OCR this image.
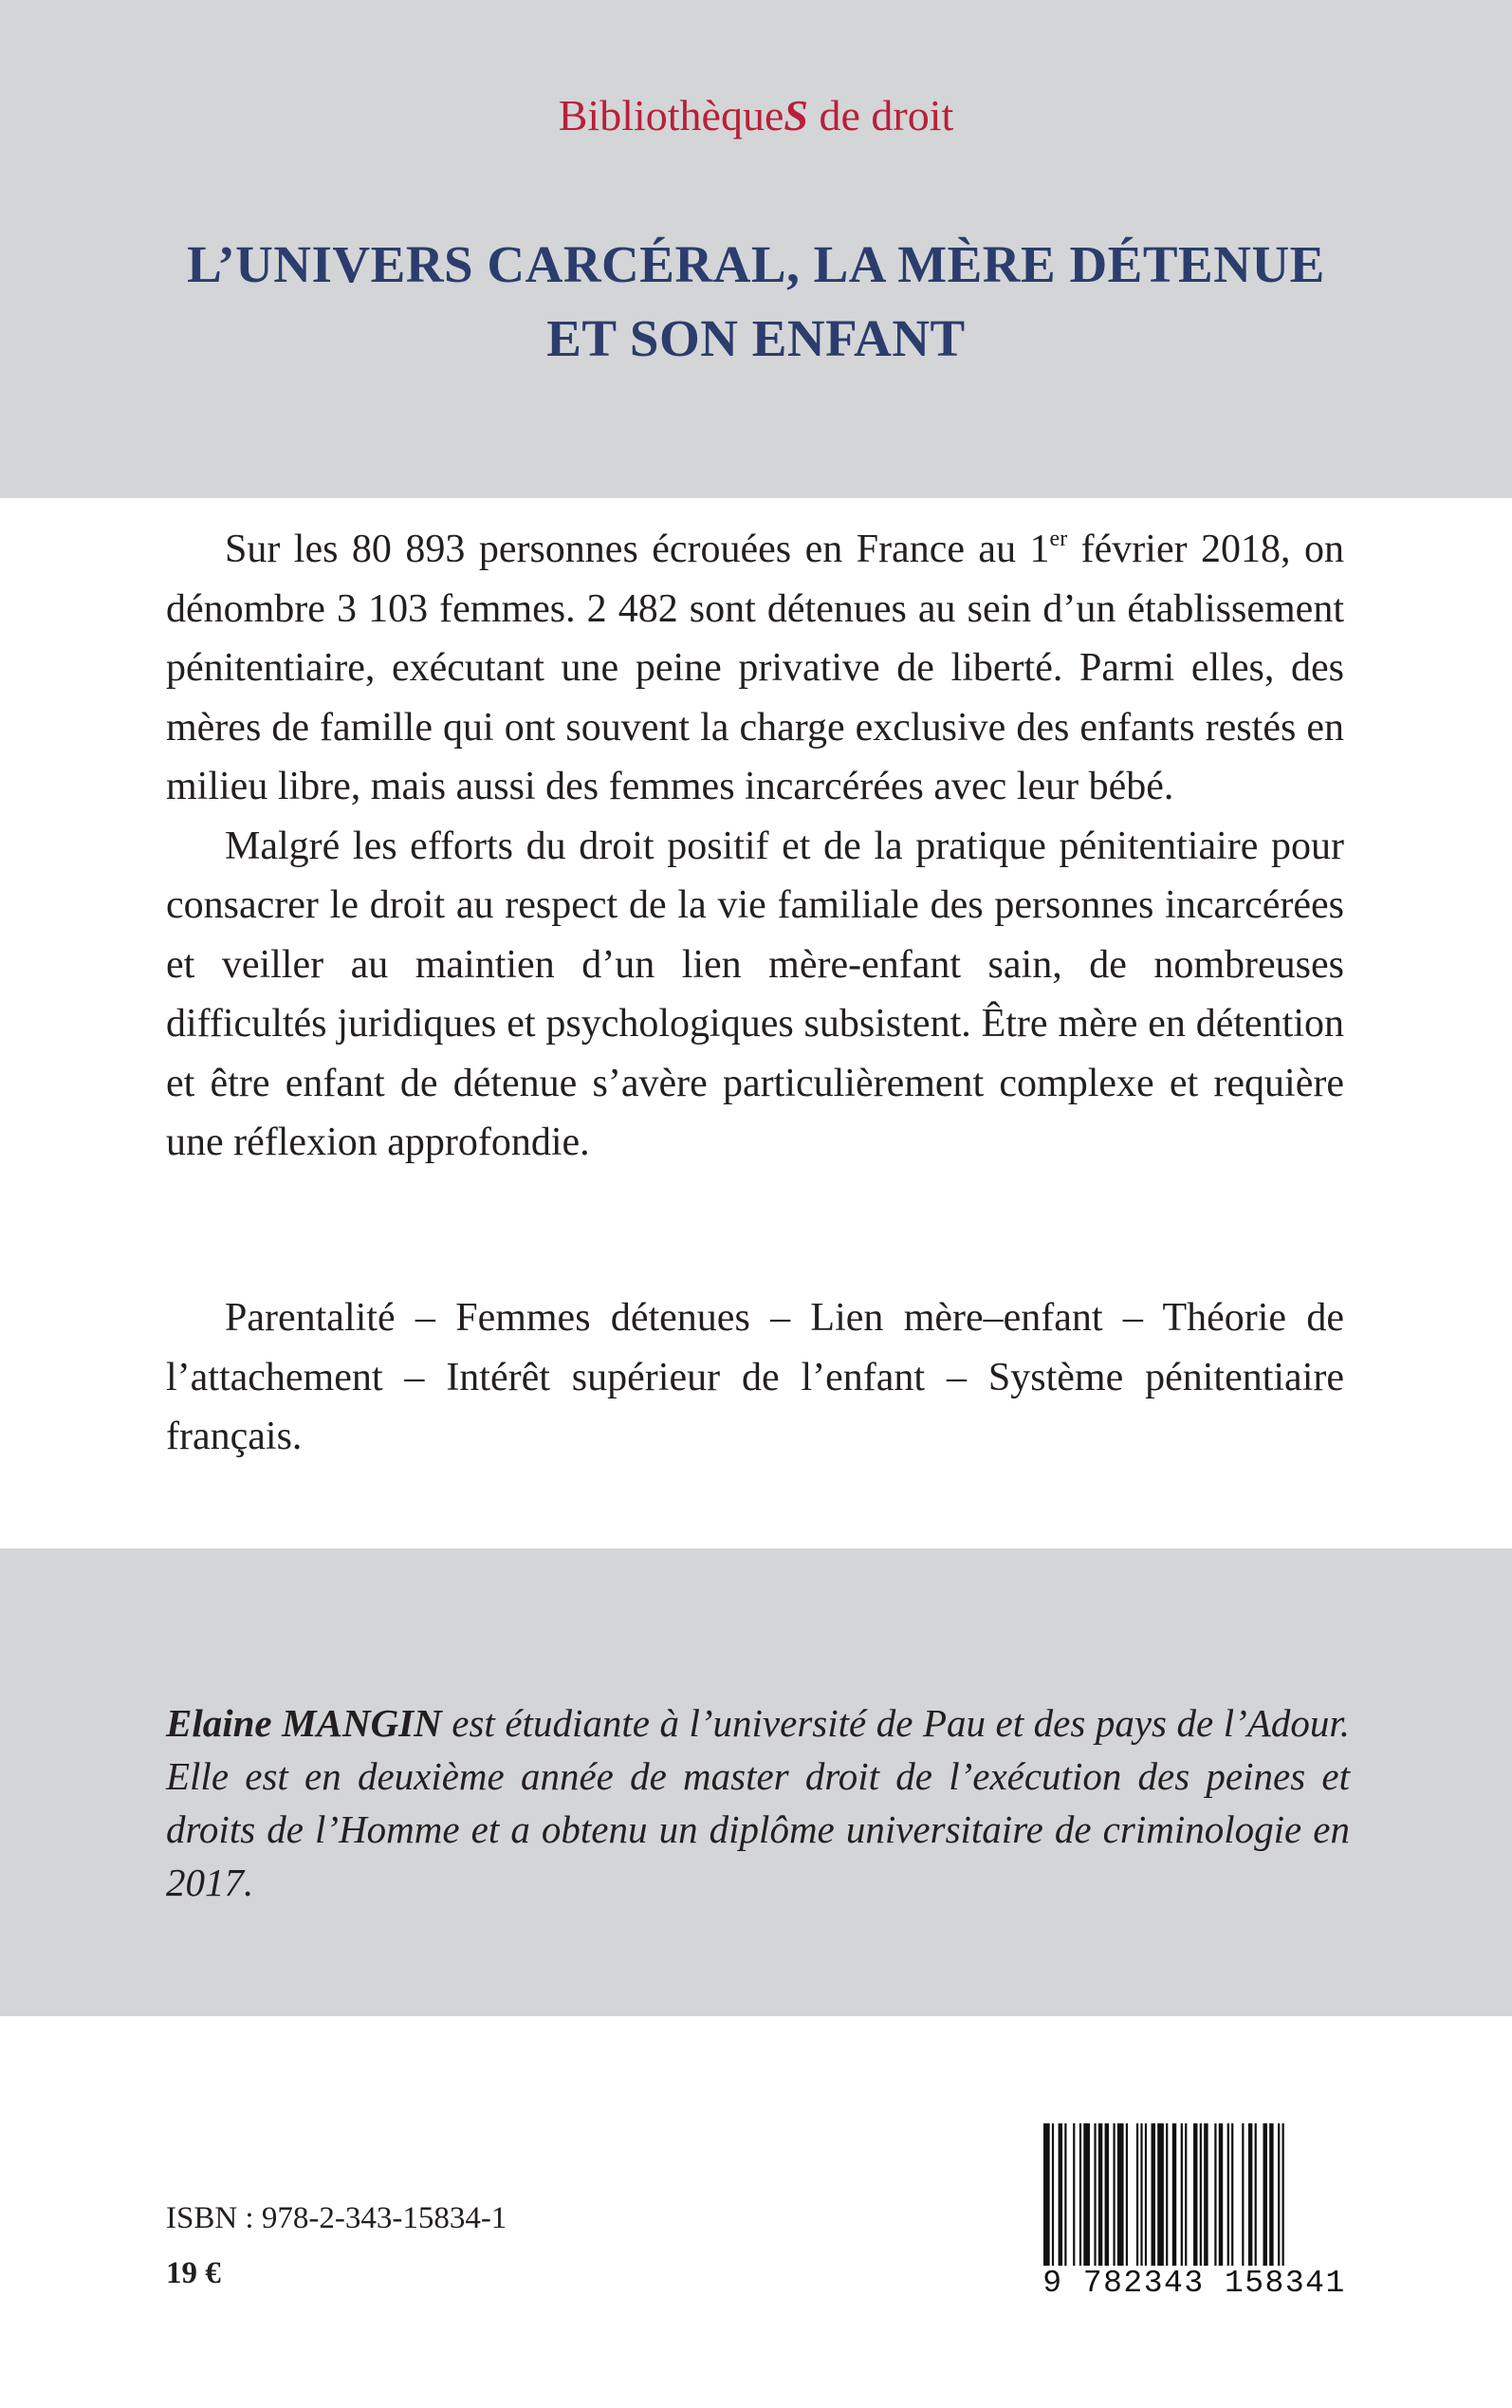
BibliothèqueS de droit
L’UNIVERS CARCÉRAL, LA MÈRE DÉTENUE
ET SON ENFANT

Sur les 80 893 personnes écrouées en France au 1er février 2018, on dénombre 3 103 femmes. 2 482 sont détenues au sein d’un établissement pénitentiaire, exécutant une peine privative de liberté. Parmi elles, des mères de famille qui ont souvent la charge exclusive des enfants restés en milieu libre, mais aussi des femmes incarcérées avec leur bébé.

Malgré les efforts du droit positif et de la pratique pénitentiaire pour consacrer le droit au respect de la vie familiale des personnes incarcérées et veiller au maintien d’un lien mère-enfant sain, de nombreuses difficultés juridiques et psychologiques subsistent. Être mère en détention et être enfant de détenue s’avère particulièrement complexe et requière une réflexion approfondie.

Parentalité – Femmes détenues – Lien mère–enfant – Théorie de l’attachement – Intérêt supérieur de l’enfant – Système pénitentiaire français.

Elaine MANGIN est étudiante à l’université de Pau et des pays de l’Adour. Elle est en deuxième année de master droit de l’exécution des peines et droits de l’Homme et a obtenu un diplôme universitaire de criminologie en 2017.

ISBN : 978-2-343-15834-1
19 €	9 782343 158341
